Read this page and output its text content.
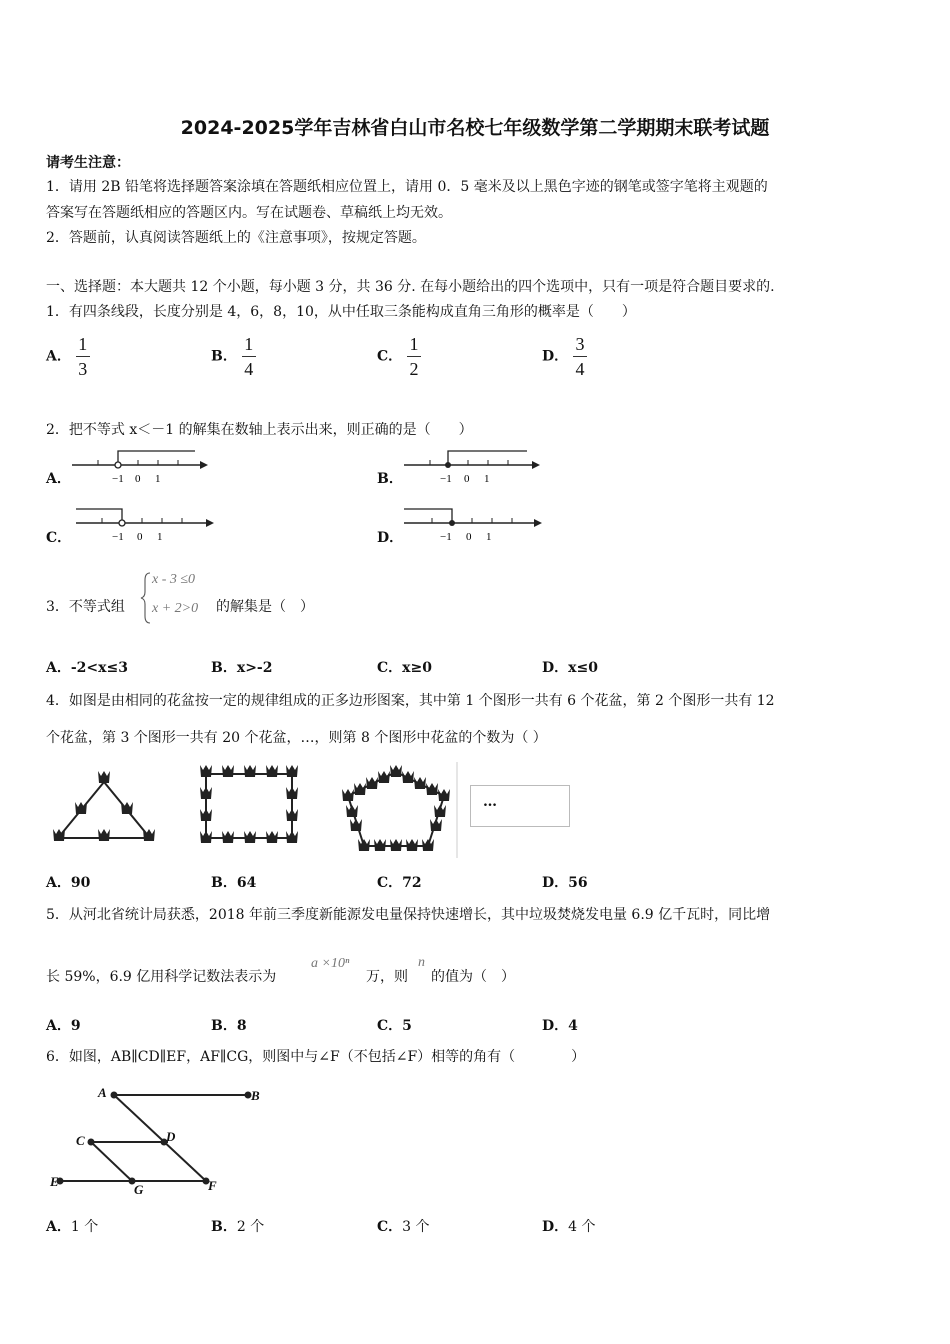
2024-2025学年吉林省白山市名校七年级数学第二学期期末联考试题
请考生注意：
1．请用 2B 铅笔将选择题答案涂填在答题纸相应位置上，请用 0．5 毫米及以上黑色字迹的钢笔或签字笔将主观题的
答案写在答题纸相应的答题区内。写在试题卷、草稿纸上均无效。
2．答题前，认真阅读答题纸上的《注意事项》，按规定答题。
一、选择题：本大题共 12 个小题，每小题 3 分，共 36 分. 在每小题给出的四个选项中，只有一项是符合题目要求的.
1．有四条线段，长度分别是 4，6，8，10，从中任取三条能构成直角三角形的概率是（　　）
A． $\frac{1}{3}$	B． $\frac{1}{4}$	C． $\frac{1}{2}$	D． $\frac{3}{4}$
2．把不等式 x＜－1 的解集在数轴上表示出来，则正确的是（　　）
A．	−1 0 1	B．	−1 0 1
C．	−1 0 1	D．	−1 0 1
3．不等式组
x - 3 ≤0
x + 2>0 的解集是（　）
A．-2<x≤3	B．x>-2	C．x≥0	D．x≤0
4．如图是由相同的花盆按一定的规律组成的正多边形图案，其中第 1 个图形一共有 6 个花盆，第 2 个图形一共有 12
个花盆，第 3 个图形一共有 20 个花盆，…，则第 8 个图形中花盆的个数为（ ）
…
A．90	B．64	C．72	D．56
5．从河北省统计局获悉，2018 年前三季度新能源发电量保持快速增长，其中垃圾焚烧发电量 6.9 亿千瓦时，同比增
长 59%，6.9 亿用科学记数法表示为
a ×10ⁿ
万，则
n
的值为（　）
A．9	B．8	C．5	D．4
6．如图，AB∥CD∥EF，AF∥CG，则图中与∠F（不包括∠F）相等的角有（　　　　）
A	B
C	D
E
G	F
A．1 个	B．2 个	C．3 个	D．4 个
